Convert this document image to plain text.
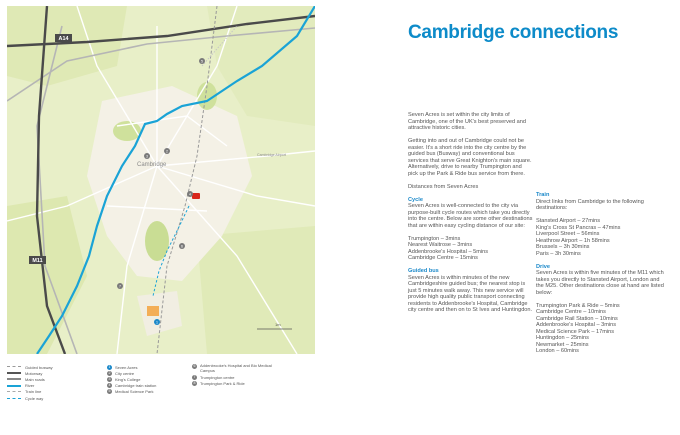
1
2
3
4
5
6
7
A14
M11
Cambridge
Cambridge Airport
1m
Guided busway
Motorway
Main roads
River
Train line
Cycle way
1	Seven Acres
2	City centre
3	King's College
4	Cambridge train station
5	Medical Science Park
6	Addenbrooke's Hospital and Bio Medical Campus
7	Trumpington centre
8	Trumpington Park & Ride
Cambridge connections

Seven Acres is set within the city limits of Cambridge, one of the UK's best preserved and attractive historic cities.

Getting into and out of Cambridge could not be easier. It's a short ride into the city centre by the guided bus (Busway) and conventional bus services that serve Great Knighton's main square. Alternatively, drive to nearby Trumpington and pick up the Park & Ride bus service from there.

Distances from Seven Acres

Cycle

Seven Acres is well-connected to the city via purpose-built cycle routes which take you directly into the centre. Below are some other destinations that are within easy cycling distance of our site:

Trumpington – 3mins
Nearest Waitrose – 3mins
Addenbrooke's Hospital – 5mins
Cambridge Centre – 15mins

Guided bus

Seven Acres is within minutes of the new Cambridgeshire guided bus; the nearest stop is just 5 minutes walk away. This new service will provide high quality public transport connecting residents to Addenbrooke's Hospital, Cambridge city centre and then on to St Ives and Huntingdon.

Train

Direct links from Cambridge to the following destinations:

Stansted Airport – 27mins
King's Cross St Pancras – 47mins
Liverpool Street – 56mins
Heathrow Airport – 1h 58mins
Brussels – 3h 30mins
Paris – 3h 30mins

Drive

Seven Acres is within five minutes of the M11 which takes you directly to Stansted Airport, London and the M25. Other destinations close at hand are listed below:

Trumpington Park & Ride – 5mins
Cambridge Centre – 10mins
Cambridge Rail Station – 10mins
Addenbrooke's Hospital – 3mins
Medical Science Park – 17mins
Huntingdon – 25mins
Newmarket – 25mins
London – 60mins
